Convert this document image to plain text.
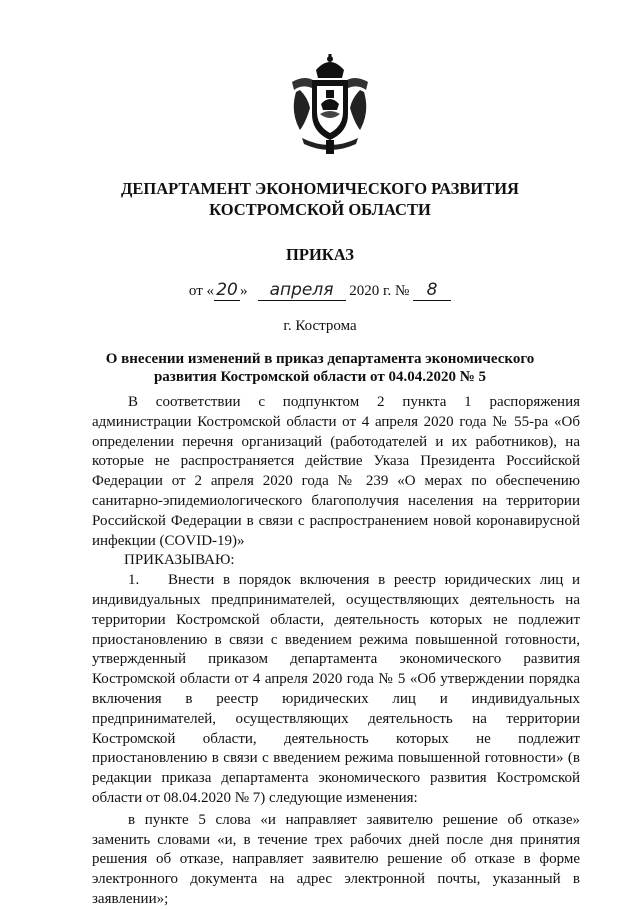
ДЕПАРТАМЕНТ ЭКОНОМИЧЕСКОГО РАЗВИТИЯ
КОСТРОМСКОЙ ОБЛАСТИ
ПРИКАЗ
от « 20 » апреля 2020 г. № 8
г. Кострома
О внесении изменений в приказ департамента экономического
развития Костромской области от 04.04.2020 № 5

В соответствии с подпунктом 2 пункта 1 распоряжения администрации Костромской области от 4 апреля 2020 года № 55-ра «Об определении перечня организаций (работодателей и их работников), на которые не распространяется действие Указа Президента Российской Федерации от 2 апреля 2020 года № 239 «О мерах по обеспечению санитарно-эпидемиологического благополучия населения на территории Российской Федерации в связи с распространением новой коронавирусной инфекции (COVID-19)»

ПРИКАЗЫВАЮ:

1. Внести в порядок включения в реестр юридических лиц и индивидуальных предпринимателей, осуществляющих деятельность на территории Костромской области, деятельность которых не подлежит приостановлению в связи с введением режима повышенной готовности, утвержденный приказом департамента экономического развития Костромской области от 4 апреля 2020 года № 5 «Об утверждении порядка включения в реестр юридических лиц и индивидуальных предпринимателей, осуществляющих деятельность на территории Костромской области, деятельность которых не подлежит приостановлению в связи с введением режима повышенной готовности» (в редакции приказа департамента экономического развития Костромской области от 08.04.2020 № 7) следующие изменения:

в пункте 5 слова «и направляет заявителю решение об отказе» заменить словами «и, в течение трех рабочих дней после дня принятия решения об отказе, направляет заявителю решение об отказе в форме электронного документа на адрес электронной почты, указанный в заявлении»;
